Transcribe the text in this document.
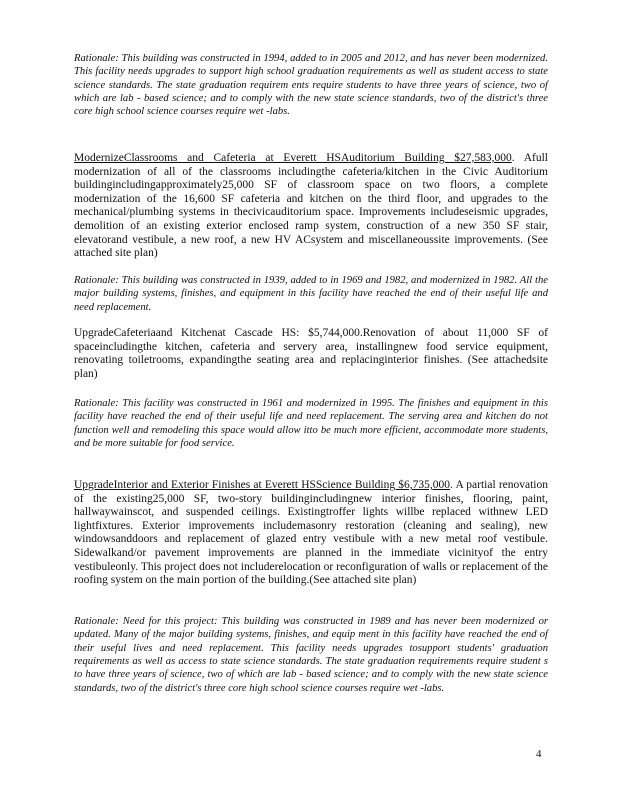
Rationale: This building was constructed in 1994, added to in 2005 and 2012, and has never been modernized. This facility needs upgrades to support high school graduation requirements as well as student access to state science standards. The state graduation requirem ents require students to have three years of science, two of which are lab - based science; and to comply with the new state science standards, two of the district's three core high school science courses require wet -labs.

ModernizeClassrooms and Cafeteria at Everett HSAuditorium Building $27,583,000. Afull modernization of all of the classrooms includingthe cafeteria/kitchen in the Civic Auditorium buildingincludingapproximately25,000 SF of classroom space on two floors, a complete modernization of the 16,600 SF cafeteria and kitchen on the third floor, and upgrades to the mechanical/plumbing systems in thecivicauditorium space. Improvements includeseismic upgrades, demolition of an existing exterior enclosed ramp system, construction of a new 350 SF stair, elevatorand vestibule, a new roof, a new HV ACsystem and miscellaneoussite improvements. (See attached site plan)

Rationale: This building was constructed in 1939, added to in 1969 and 1982, and modernized in 1982. All the major building systems, finishes, and equipment in this facility have reached the end of their useful life and need replacement.

UpgradeCafeteriaand Kitchenat Cascade HS: $5,744,000.Renovation of about 11,000 SF of spaceincludingthe kitchen, cafeteria and servery area, installingnew food service equipment, renovating toiletrooms, expandingthe seating area and replacinginterior finishes. (See attachedsite plan)

Rationale: This facility was constructed in 1961 and modernized in 1995. The finishes and equipment in this facility have reached the end of their useful life and need replacement. The serving area and kitchen do not function well and remodeling this space would allow itto be much more efficient, accommodate more students, and be more suitable for food service.

UpgradeInterior and Exterior Finishes at Everett HSScience Building $6,735,000. A partial renovation of the existing25,000 SF, two-story buildingincludingnew interior finishes, flooring, paint, hallwaywainscot, and suspended ceilings. Existingtroffer lights willbe replaced withnew LED lightfixtures. Exterior improvements includemasonry restoration (cleaning and sealing), new windowsanddoors and replacement of glazed entry vestibule with a new metal roof vestibule. Sidewalkand/or pavement improvements are planned in the immediate vicinityof the entry vestibuleonly. This project does not includerelocation or reconfiguration of walls or replacement of the roofing system on the main portion of the building.(See attached site plan)

Rationale: Need for this project: This building was constructed in 1989 and has never been modernized or updated. Many of the major building systems, finishes, and equip ment in this facility have reached the end of their useful lives and need replacement. This facility needs upgrades tosupport students' graduation requirements as well as access to state science standards. The state graduation requirements require student s to have three years of science, two of which are lab - based science; and to comply with the new state science standards, two of the district's three core high school science courses require wet -labs.

4
